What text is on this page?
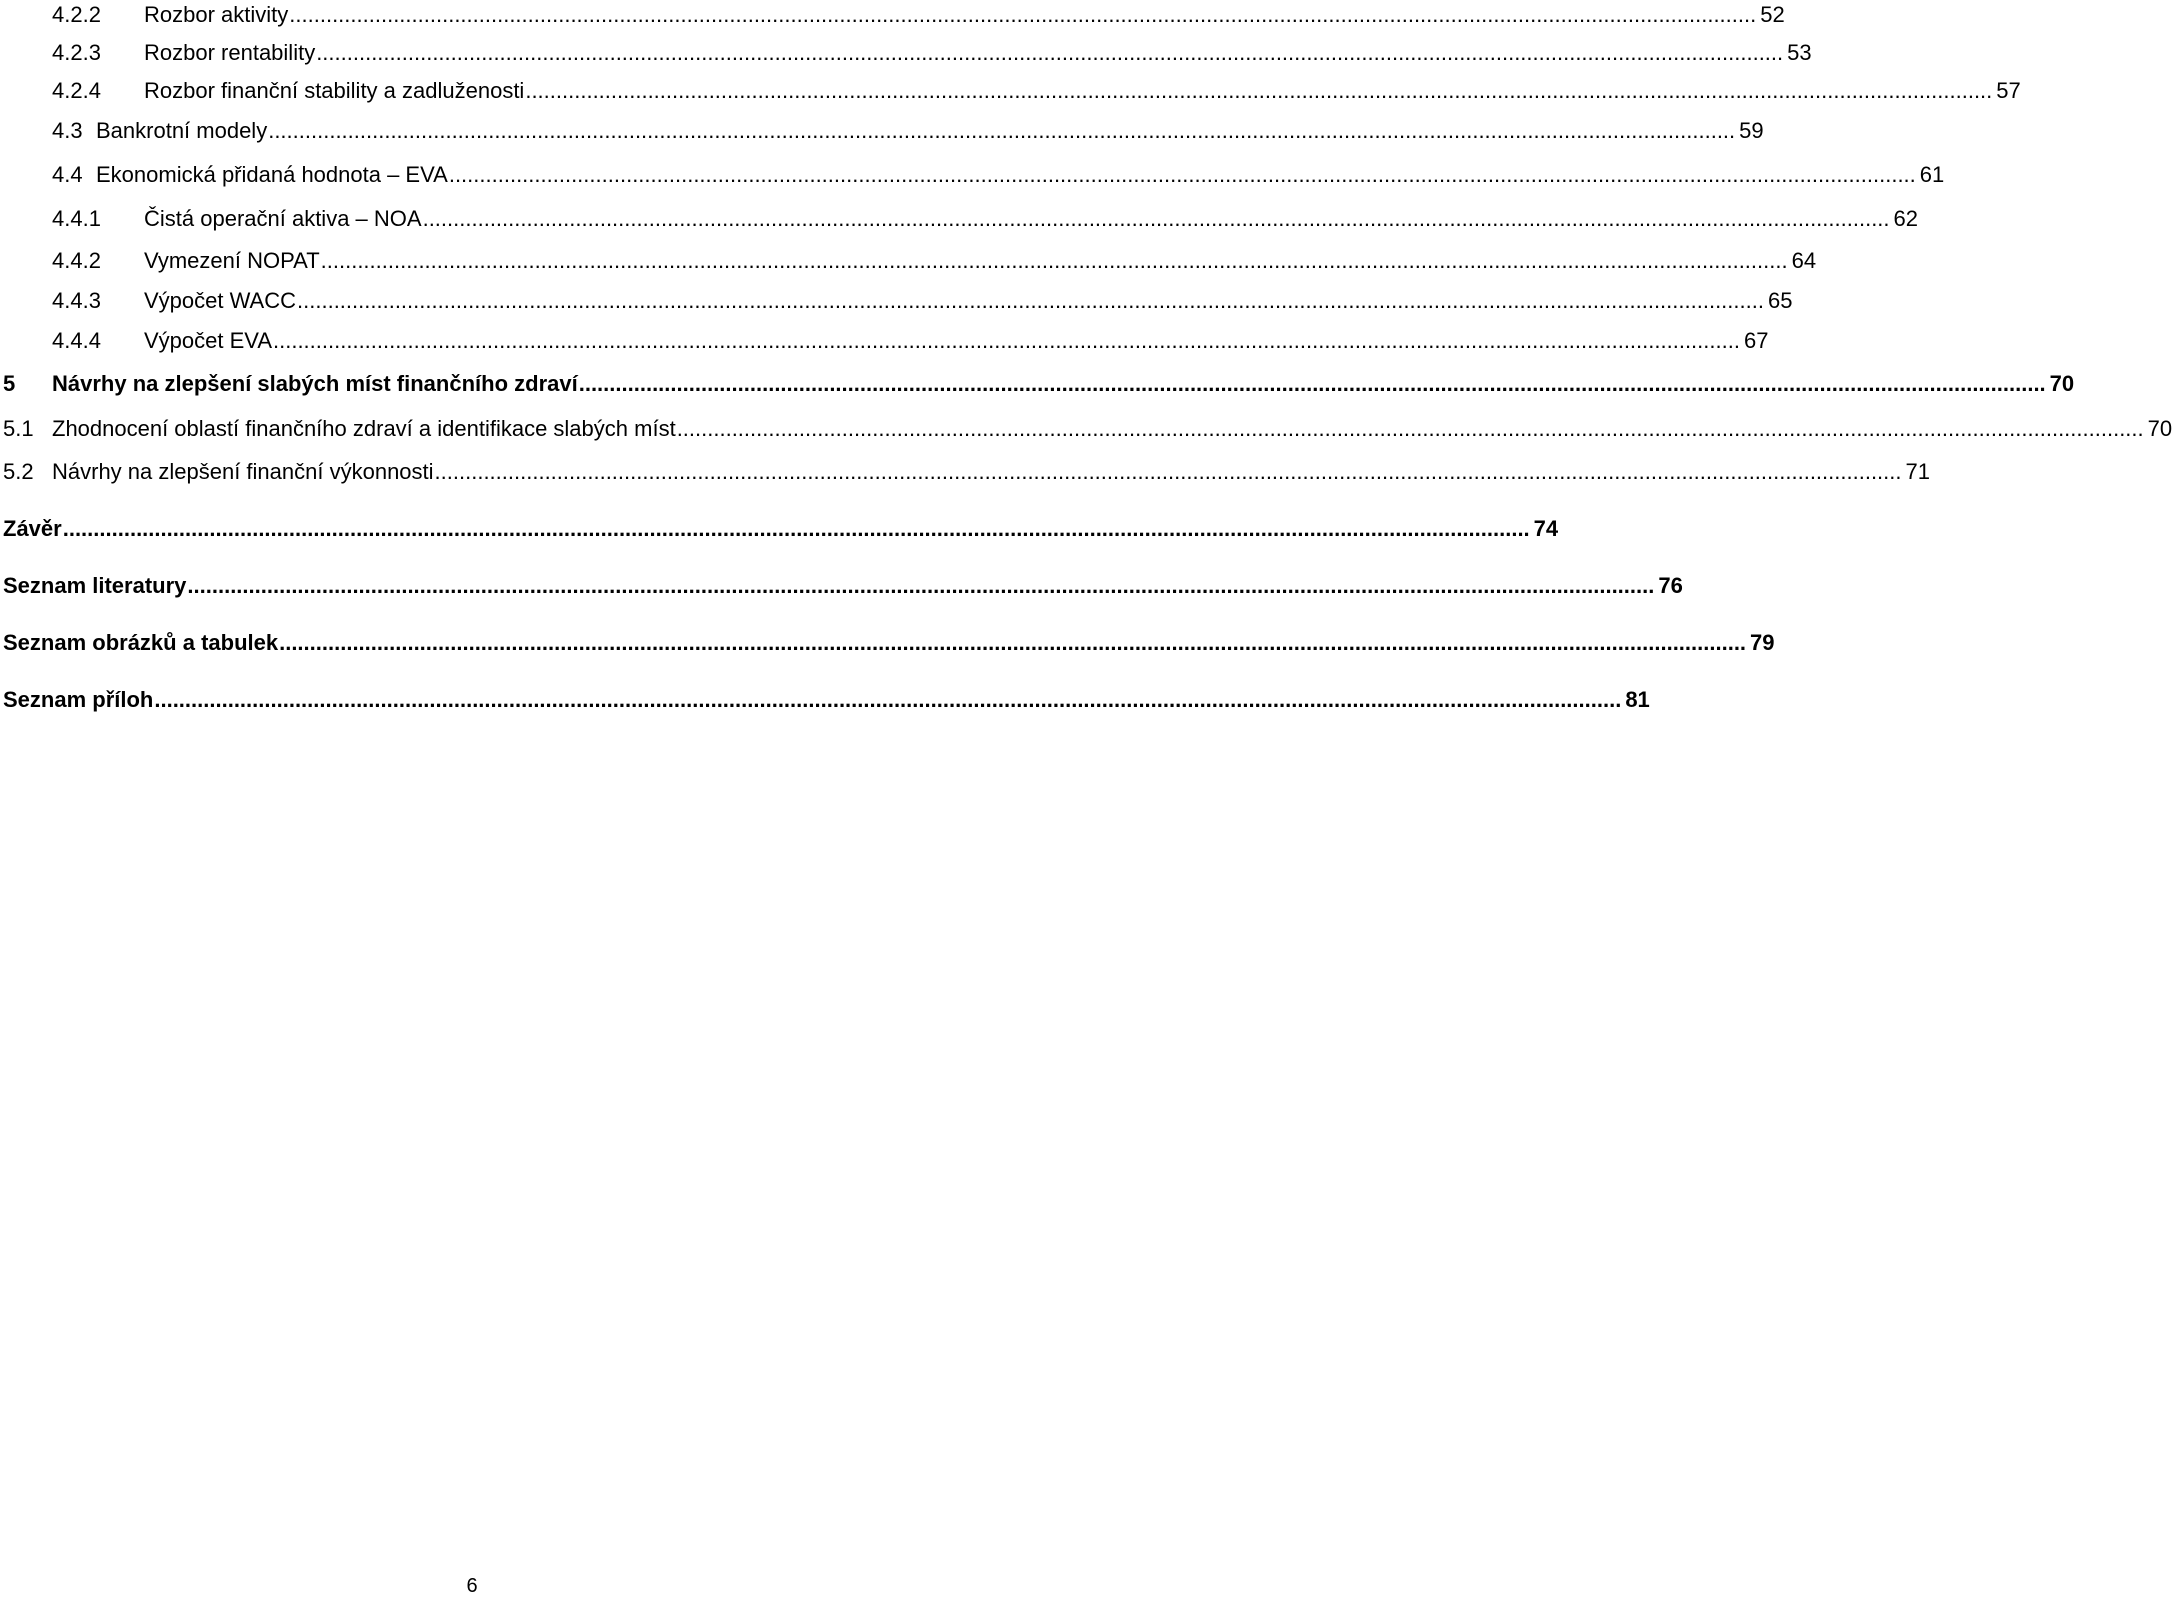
4.2.2	Rozbor aktivity .....	52
4.2.3	Rozbor rentability .....	53
4.2.4	Rozbor finanční stability a zadluženosti .....	57
4.3 Bankrotní modely .....	59
4.4 Ekonomická přidaná hodnota – EVA .....	61
4.4.1	Čistá operační aktiva – NOA .....	62
4.4.2	Vymezení NOPAT .....	64
4.4.3	Výpočet WACC .....	65
4.4.4	Výpočet EVA .....	67
5	Návrhy na zlepšení slabých míst finančního zdraví .....	70
5.1 Zhodnocení oblastí finančního zdraví a identifikace slabých míst .....	70
5.2 Návrhy na zlepšení finanční výkonnosti .....	71
Závěr .....	74
Seznam literatury .....	76
Seznam obrázků a tabulek .....	79
Seznam příloh .....	81
6
